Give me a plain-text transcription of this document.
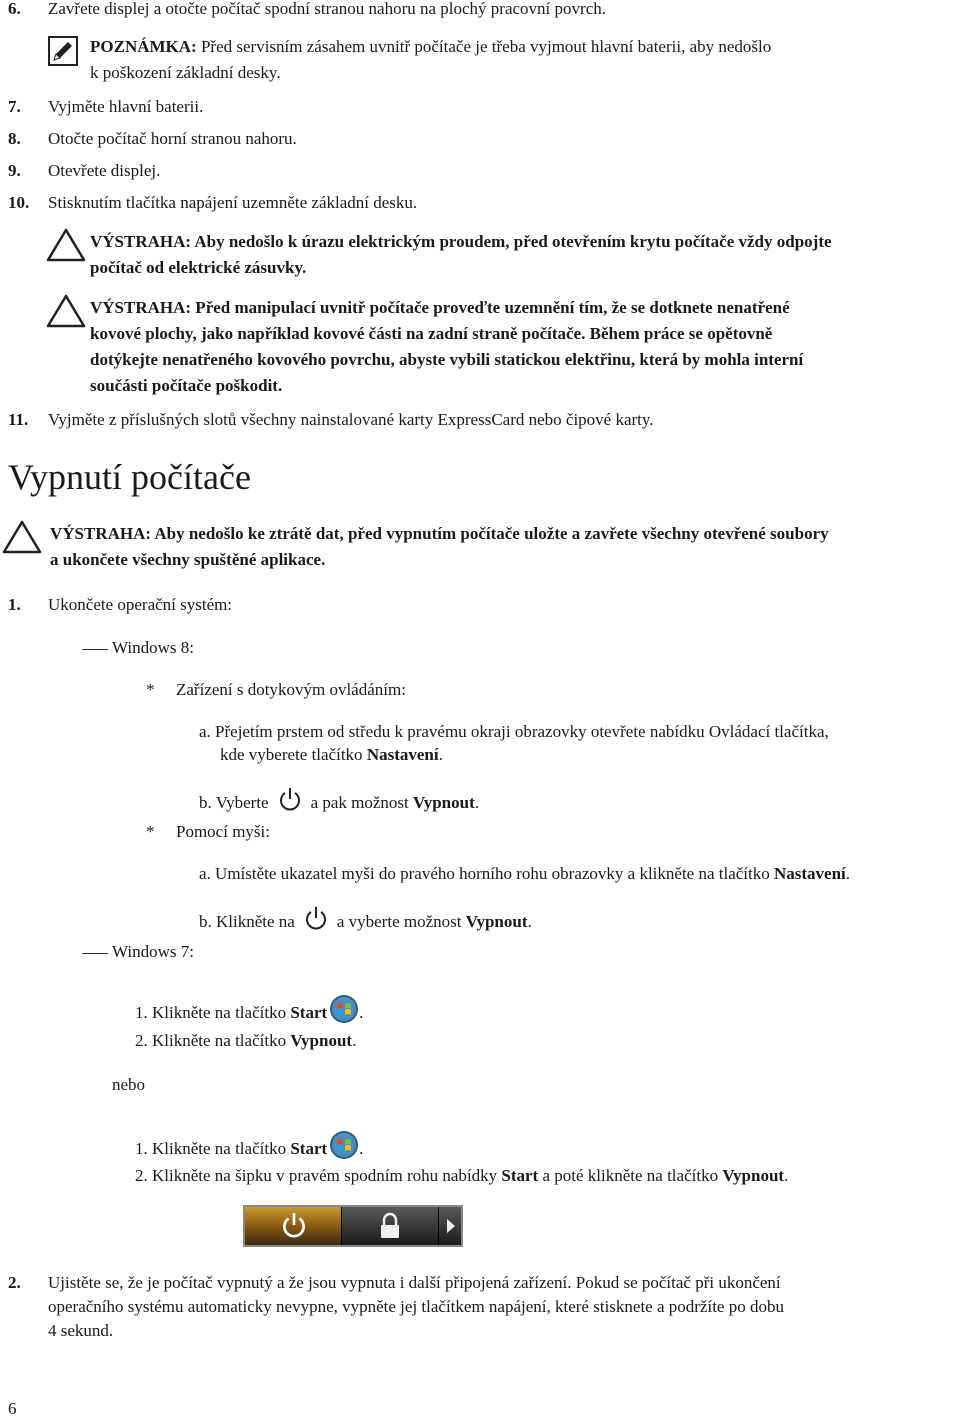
6. Zavřete displej a otočte počítač spodní stranou nahoru na plochý pracovní povrch.
POZNÁMKA: Před servisním zásahem uvnitř počítače je třeba vyjmout hlavní baterii, aby nedošlo
k poškození základní desky.
7. Vyjměte hlavní baterii.
8. Otočte počítač horní stranou nahoru.
9. Otevřete displej.
10. Stisknutím tlačítka napájení uzemněte základní desku.
VÝSTRAHA: Aby nedošlo k úrazu elektrickým proudem, před otevřením krytu počítače vždy odpojte
počítač od elektrické zásuvky.
VÝSTRAHA: Před manipulací uvnitř počítače proveďte uzemnění tím, že se dotknete nenatřené
kovové plochy, jako například kovové části na zadní straně počítače. Během práce se opětovně
dotýkejte nenatřeného kovového povrchu, abyste vybili statickou elektřinu, která by mohla interní
součásti počítače poškodit.
11. Vyjměte z příslušných slotů všechny nainstalované karty ExpressCard nebo čipové karty.
Vypnutí počítače
VÝSTRAHA: Aby nedošlo ke ztrátě dat, před vypnutím počítače uložte a zavřete všechny otevřené soubory
a ukončete všechny spuštěné aplikace.
1. Ukončete operační systém:
Windows 8:
* Zařízení s dotykovým ovládáním:
a. Přejetím prstem od středu k pravému okraji obrazovky otevřete nabídku Ovládací tlačítka,
kde vyberete tlačítko Nastavení.
b. Vyberte a pak možnost Vypnout.
* Pomocí myši:
a. Umístěte ukazatel myši do pravého horního rohu obrazovky a klikněte na tlačítko Nastavení.
b. Klikněte na a vyberte možnost Vypnout.
Windows 7:
1. Klikněte na tlačítko Start .
2. Klikněte na tlačítko Vypnout.
nebo
1. Klikněte na tlačítko Start .
2. Klikněte na šipku v pravém spodním rohu nabídky Start a poté klikněte na tlačítko Vypnout.
2. Ujistěte se, že je počítač vypnutý a že jsou vypnuta i další připojená zařízení. Pokud se počítač při ukončení
operačního systému automaticky nevypne, vypněte jej tlačítkem napájení, které stisknete a podržíte po dobu
4 sekund.
6
